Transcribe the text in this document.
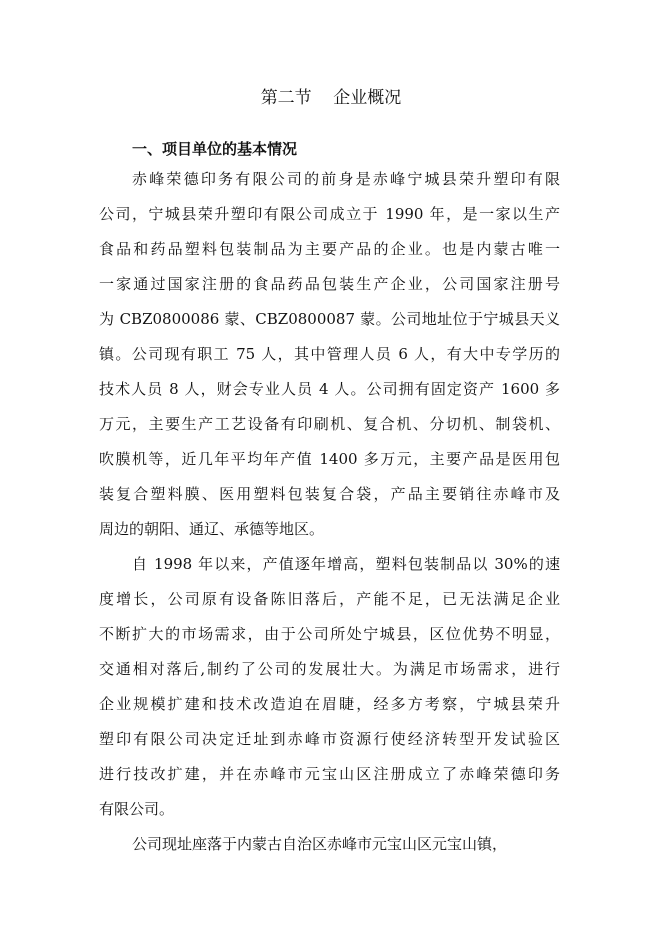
第二节    企业概况
一、项目单位的基本情况
赤峰荣德印务有限公司的前身是赤峰宁城县荣升塑印有限
公司，宁城县荣升塑印有限公司成立于 1990 年，是一家以生产
食品和药品塑料包装制品为主要产品的企业。也是内蒙古唯一
一家通过国家注册的食品药品包装生产企业，公司国家注册号
为 CBZ0800086 蒙、CBZ0800087 蒙。公司地址位于宁城县天义
镇。公司现有职工 75 人，其中管理人员 6 人，有大中专学历的
技术人员 8 人，财会专业人员 4 人。公司拥有固定资产 1600 多
万元，主要生产工艺设备有印刷机、复合机、分切机、制袋机、
吹膜机等，近几年平均年产值 1400 多万元，主要产品是医用包
装复合塑料膜、医用塑料包装复合袋，产品主要销往赤峰市及
周边的朝阳、通辽、承德等地区。
自 1998 年以来，产值逐年增高，塑料包装制品以 30%的速
度增长，公司原有设备陈旧落后，产能不足，已无法满足企业
不断扩大的市场需求，由于公司所处宁城县，区位优势不明显，
交通相对落后,制约了公司的发展壮大。为满足市场需求，进行
企业规模扩建和技术改造迫在眉睫，经多方考察，宁城县荣升
塑印有限公司决定迁址到赤峰市资源行使经济转型开发试验区
进行技改扩建，并在赤峰市元宝山区注册成立了赤峰荣德印务
有限公司。
公司现址座落于内蒙古自治区赤峰市元宝山区元宝山镇，
